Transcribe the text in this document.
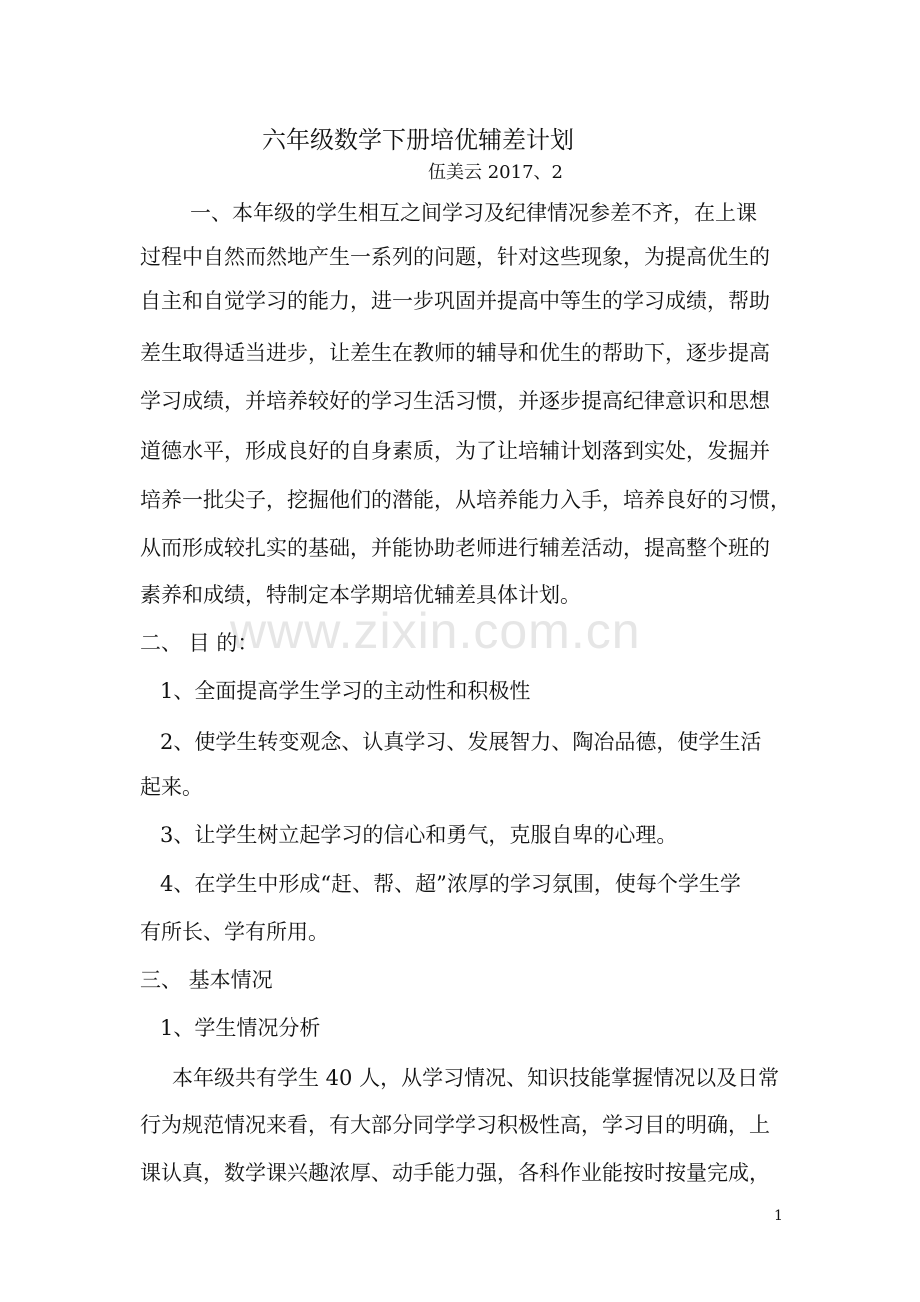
六年级数学下册培优辅差计划
伍美云 2017、2
一、本年级的学生相互之间学习及纪律情况参差不齐，在上课
过程中自然而然地产生一系列的问题，针对这些现象，为提高优生的
自主和自觉学习的能力，进一步巩固并提高中等生的学习成绩，帮助
差生取得适当进步，让差生在教师的辅导和优生的帮助下，逐步提高
学习成绩，并培养较好的学习生活习惯，并逐步提高纪律意识和思想
道德水平，形成良好的自身素质，为了让培辅计划落到实处，发掘并
培养一批尖子，挖掘他们的潜能，从培养能力入手，培养良好的习惯，
从而形成较扎实的基础，并能协助老师进行辅差活动，提高整个班的
素养和成绩，特制定本学期培优辅差具体计划。
www.zixin.com.cn
二、 目 的：
1、全面提高学生学习的主动性和积极性
2、使学生转变观念、认真学习、发展智力、陶冶品德，使学生活
起来。
3、让学生树立起学习的信心和勇气，克服自卑的心理。
4、在学生中形成“赶、帮、超”浓厚的学习氛围，使每个学生学
有所长、学有所用。
三、 基本情况
1、学生情况分析
本年级共有学生 40 人，从学习情况、知识技能掌握情况以及日常
行为规范情况来看，有大部分同学学习积极性高，学习目的明确，上
课认真，数学课兴趣浓厚、动手能力强，各科作业能按时按量完成，
1
